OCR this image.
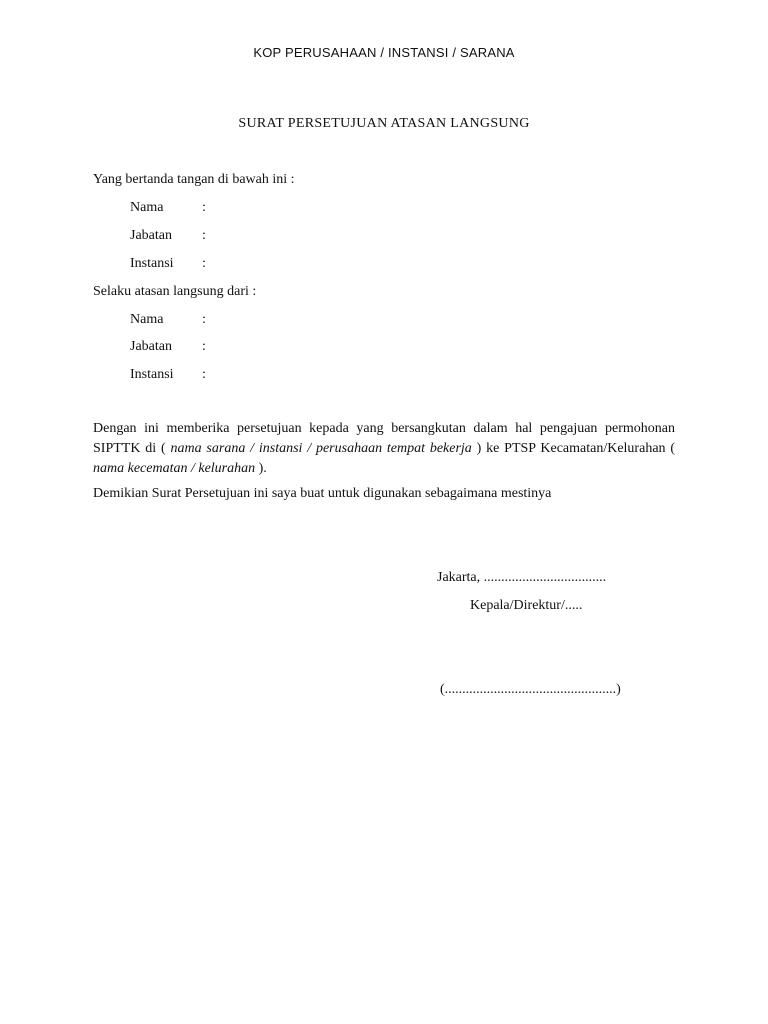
KOP PERUSAHAAN / INSTANSI / SARANA
SURAT PERSETUJUAN ATASAN LANGSUNG
Yang bertanda tangan di bawah ini :
Nama	:
Jabatan :
Instansi :
Selaku atasan langsung dari :
Nama	:
Jabatan :
Instansi :
Dengan ini memberika persetujuan kepada yang bersangkutan dalam hal pengajuan permohonan SIPTTK di ( nama sarana / instansi / perusahaan tempat bekerja ) ke PTSP Kecamatan/Kelurahan ( nama kecematan / kelurahan ).
Demikian Surat Persetujuan ini saya buat untuk digunakan sebagaimana mestinya
Jakarta, ...................................
Kepala/Direktur/.....
(.................................................)
